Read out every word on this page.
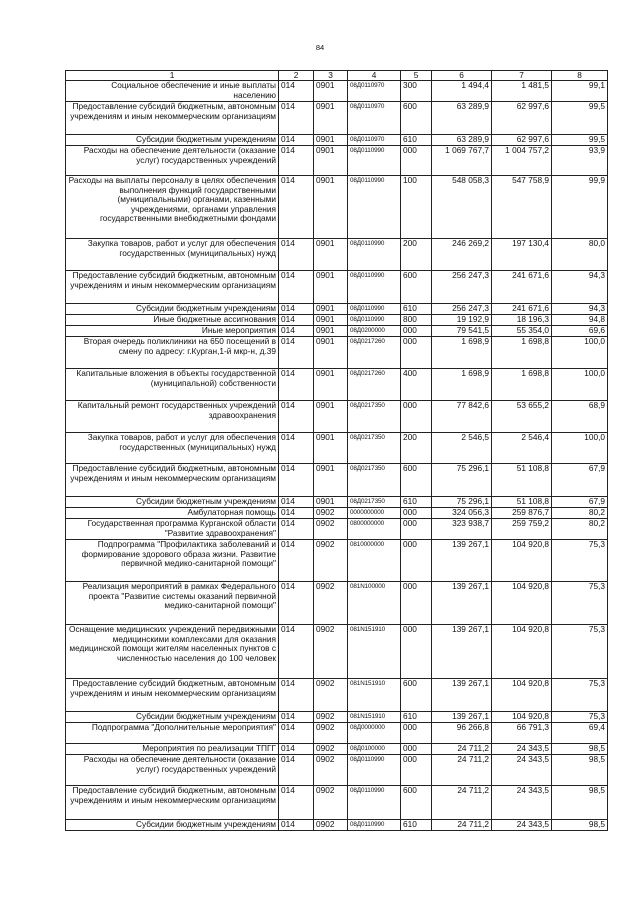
84
1	2	3	4	5	6	7	8
Социальное обеспечение и иные выплаты населению	014	0901	08Д0110970	300	1 494,4	1 481,5	99,1
Предоставление субсидий бюджетным, автономным учреждениям и иным некоммерческим организациям	014	0901	08Д0110970	600	63 289,9	62 997,6	99,5
Субсидии бюджетным учреждениям	014	0901	08Д0110970	610	63 289,9	62 997,6	99,5
Расходы на обеспечение деятельности (оказание услуг) государственных учреждений	014	0901	08Д0110990	000	1 069 767,7	1 004 757,2	93,9
Расходы на выплаты персоналу в целях обеспечения выполнения функций государственными (муниципальными) органами, казенными учреждениями, органами управления государственными внебюджетными фондами	014	0901	08Д0110990	100	548 058,3	547 758,9	99,9
Закупка товаров, работ и услуг для обеспечения государственных (муниципальных) нужд	014	0901	08Д0110990	200	246 269,2	197 130,4	80,0
Предоставление субсидий бюджетным, автономным учреждениям и иным некоммерческим организациям	014	0901	08Д0110990	600	256 247,3	241 671,6	94,3
Субсидии бюджетным учреждениям	014	0901	08Д0110990	610	256 247,3	241 671,6	94,3
Иные бюджетные ассигнования	014	0901	08Д0110990	800	19 192,9	18 196,3	94,8
Иные мероприятия	014	0901	08Д0200000	000	79 541,5	55 354,0	69,6
Вторая очередь поликлиники на 650 посещений в смену по адресу: г.Курган,1-й мкр-н, д.39	014	0901	08Д0217260	000	1 698,9	1 698,8	100,0
Капитальные вложения в объекты государственной (муниципальной) собственности	014	0901	08Д0217260	400	1 698,9	1 698,8	100,0
Капитальный ремонт государственных учреждений здравоохранения	014	0901	08Д0217350	000	77 842,6	53 655,2	68,9
Закупка товаров, работ и услуг для обеспечения государственных (муниципальных) нужд	014	0901	08Д0217350	200	2 546,5	2 546,4	100,0
Предоставление субсидий бюджетным, автономным учреждениям и иным некоммерческим организациям	014	0901	08Д0217350	600	75 296,1	51 108,8	67,9
Субсидии бюджетным учреждениям	014	0901	08Д0217350	610	75 296,1	51 108,8	67,9
Амбулаторная помощь	014	0902	0000000000	000	324 056,3	259 876,7	80,2
Государственная программа Курганской области "Развитие здравоохранения"	014	0902	0800000000	000	323 938,7	259 759,2	80,2
Подпрограмма "Профилактика заболеваний и формирование здорового образа жизни. Развитие первичной медико-санитарной помощи"	014	0902	0810000000	000	139 267,1	104 920,8	75,3
Реализация мероприятий в рамках Федерального проекта "Развитие системы оказаний первичной медико-санитарной помощи"	014	0902	081N100000	000	139 267,1	104 920,8	75,3
Оснащение медицинских учреждений передвижными медицинскими комплексами для оказания медицинской помощи жителям населенных пунктов с численностью населения до 100 человек	014	0902	081N151910	000	139 267,1	104 920,8	75,3
Предоставление субсидий бюджетным, автономным учреждениям и иным некоммерческим организациям	014	0902	081N151910	600	139 267,1	104 920,8	75,3
Субсидии бюджетным учреждениям	014	0902	081N151910	610	139 267,1	104 920,8	75,3
Подпрограмма "Дополнительные мероприятия"	014	0902	08Д0000000	000	96 266,8	66 791,3	69,4
Мероприятия по реализации ТПГГ	014	0902	08Д0100000	000	24 711,2	24 343,5	98,5
Расходы на обеспечение деятельности (оказание услуг) государственных учреждений	014	0902	08Д0110990	000	24 711,2	24 343,5	98,5
Предоставление субсидий бюджетным, автономным учреждениям и иным некоммерческим организациям	014	0902	08Д0110990	600	24 711,2	24 343,5	98,5
Субсидии бюджетным учреждениям	014	0902	08Д0110990	610	24 711,2	24 343,5	98,5
